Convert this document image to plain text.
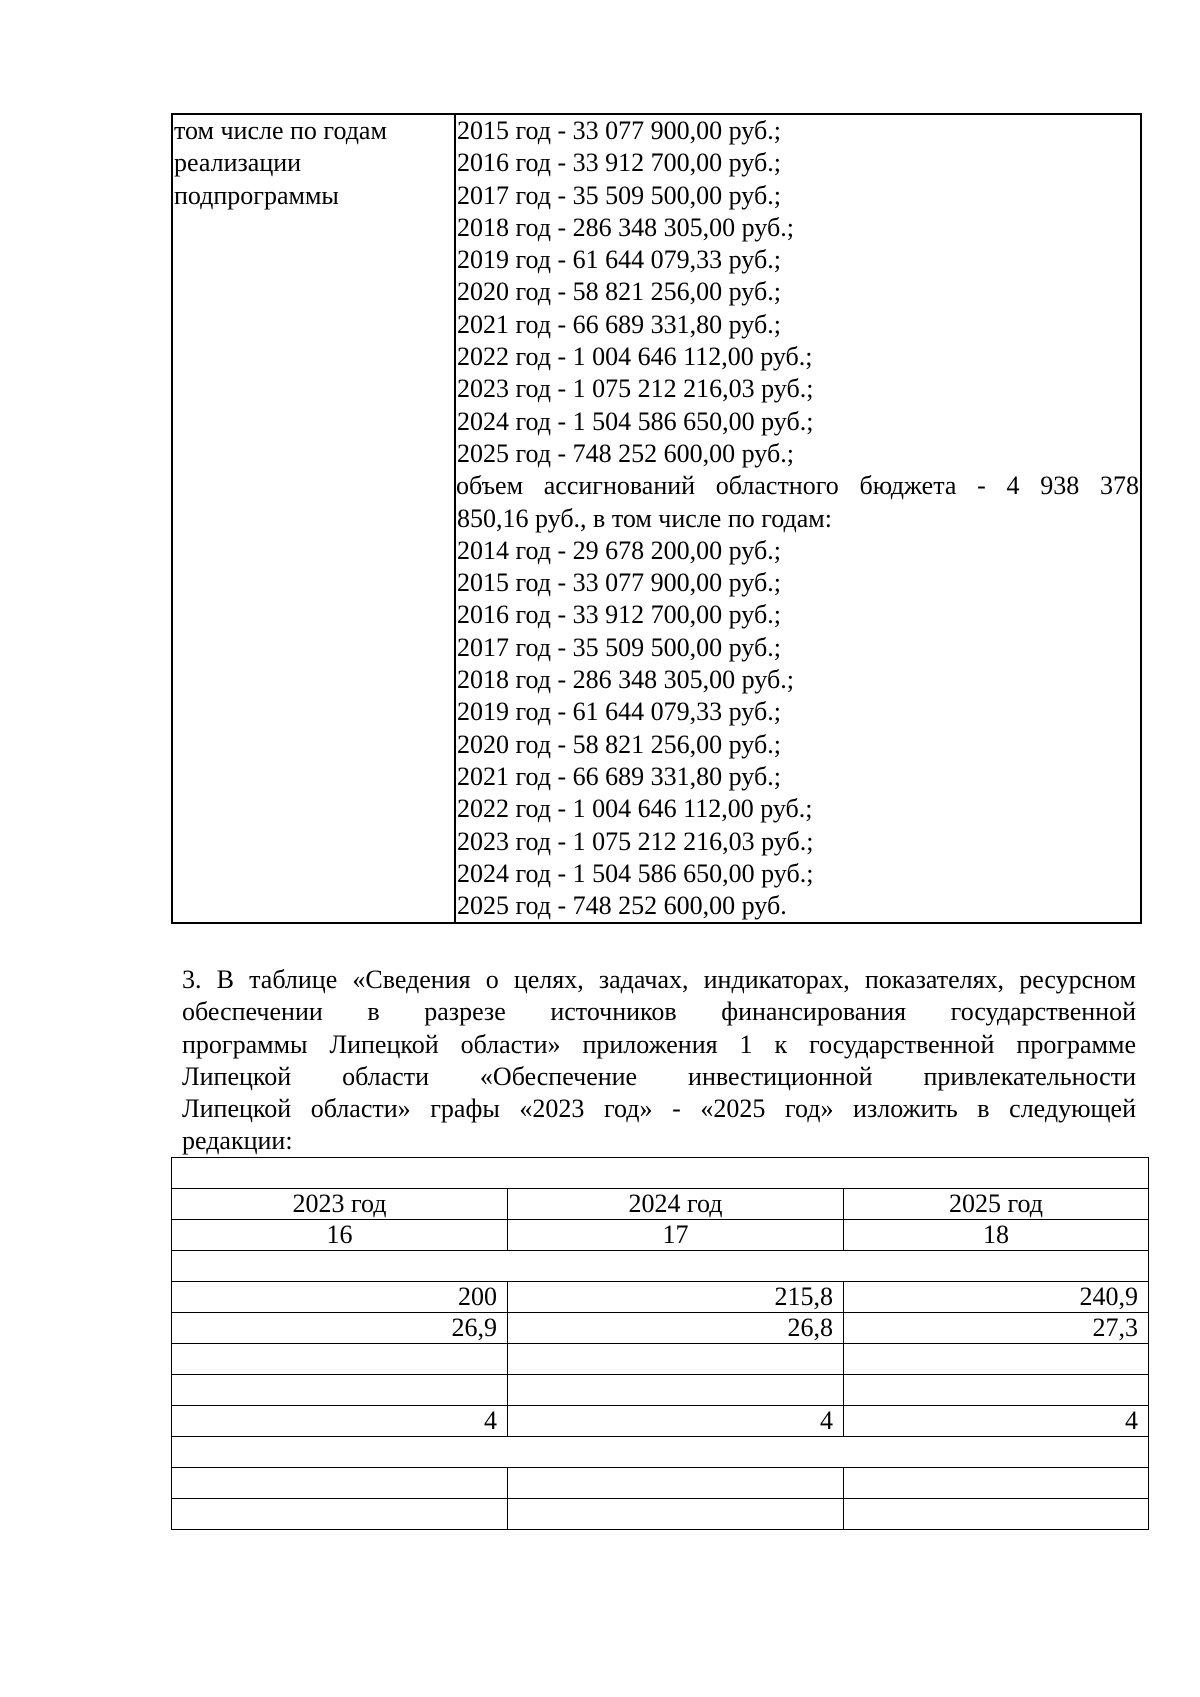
том числе по годам
реализации
подпрограммы

2015 год - 33 077 900,00 руб.;
2016 год - 33 912 700,00 руб.;
2017 год - 35 509 500,00 руб.;
2018 год - 286 348 305,00 руб.;
2019 год - 61 644 079,33 руб.;
2020 год - 58 821 256,00 руб.;
2021 год - 66 689 331,80 руб.;
2022 год - 1 004 646 112,00 руб.;
2023 год - 1 075 212 216,03 руб.;
2024 год - 1 504 586 650,00 руб.;
2025 год - 748 252 600,00 руб.;
объем ассигнований областного бюджета - 4 938 378
850,16 руб., в том числе по годам:
2014 год - 29 678 200,00 руб.;
2015 год - 33 077 900,00 руб.;
2016 год - 33 912 700,00 руб.;
2017 год - 35 509 500,00 руб.;
2018 год - 286 348 305,00 руб.;
2019 год - 61 644 079,33 руб.;
2020 год - 58 821 256,00 руб.;
2021 год - 66 689 331,80 руб.;
2022 год - 1 004 646 112,00 руб.;
2023 год - 1 075 212 216,03 руб.;
2024 год - 1 504 586 650,00 руб.;
2025 год - 748 252 600,00 руб.
3. В таблице «Сведения о целях, задачах, индикаторах, показателях, ресурсном
обеспечении в разрезе источников финансирования государственной
программы Липецкой области» приложения 1 к государственной программе
Липецкой области «Обеспечение инвестиционной привлекательности
Липецкой области» графы «2023 год» - «2025 год» изложить в следующей
редакции:

2023 год	2024 год	2025 год
16	17	18

200	215,8	240,9
26,9	26,8	27,3

4	4	4
